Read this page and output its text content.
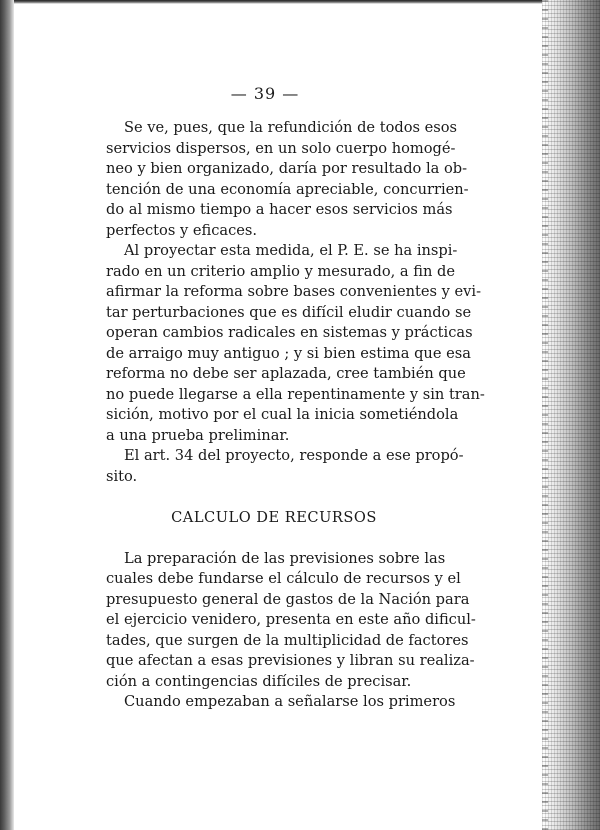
— 39 —
Se ve, pues, que la refundición de todos esos
servicios dispersos, en un solo cuerpo homogé-
neo y bien organizado, daría por resultado la ob-
tención de una economía apreciable, concurrien-
do al mismo tiempo a hacer esos servicios más
perfectos y eficaces.
Al proyectar esta medida, el P. E. se ha inspi-
rado en un criterio amplio y mesurado, a fin de
afirmar la reforma sobre bases convenientes y evi-
tar perturbaciones que es difícil eludir cuando se
operan cambios radicales en sistemas y prácticas
de arraigo muy antiguo ; y si bien estima que esa
reforma no debe ser aplazada, cree también que
no puede llegarse a ella repentinamente y sin tran-
sición, motivo por el cual la inicia sometiéndola
a una prueba preliminar.
El art. 34 del proyecto, responde a ese propó-
sito.
CALCULO DE RECURSOS
La preparación de las previsiones sobre las
cuales debe fundarse el cálculo de recursos y el
presupuesto general de gastos de la Nación para
el ejercicio venidero, presenta en este año dificul-
tades, que surgen de la multiplicidad de factores
que afectan a esas previsiones y libran su realiza-
ción a contingencias difíciles de precisar.
Cuando empezaban a señalarse los primeros
